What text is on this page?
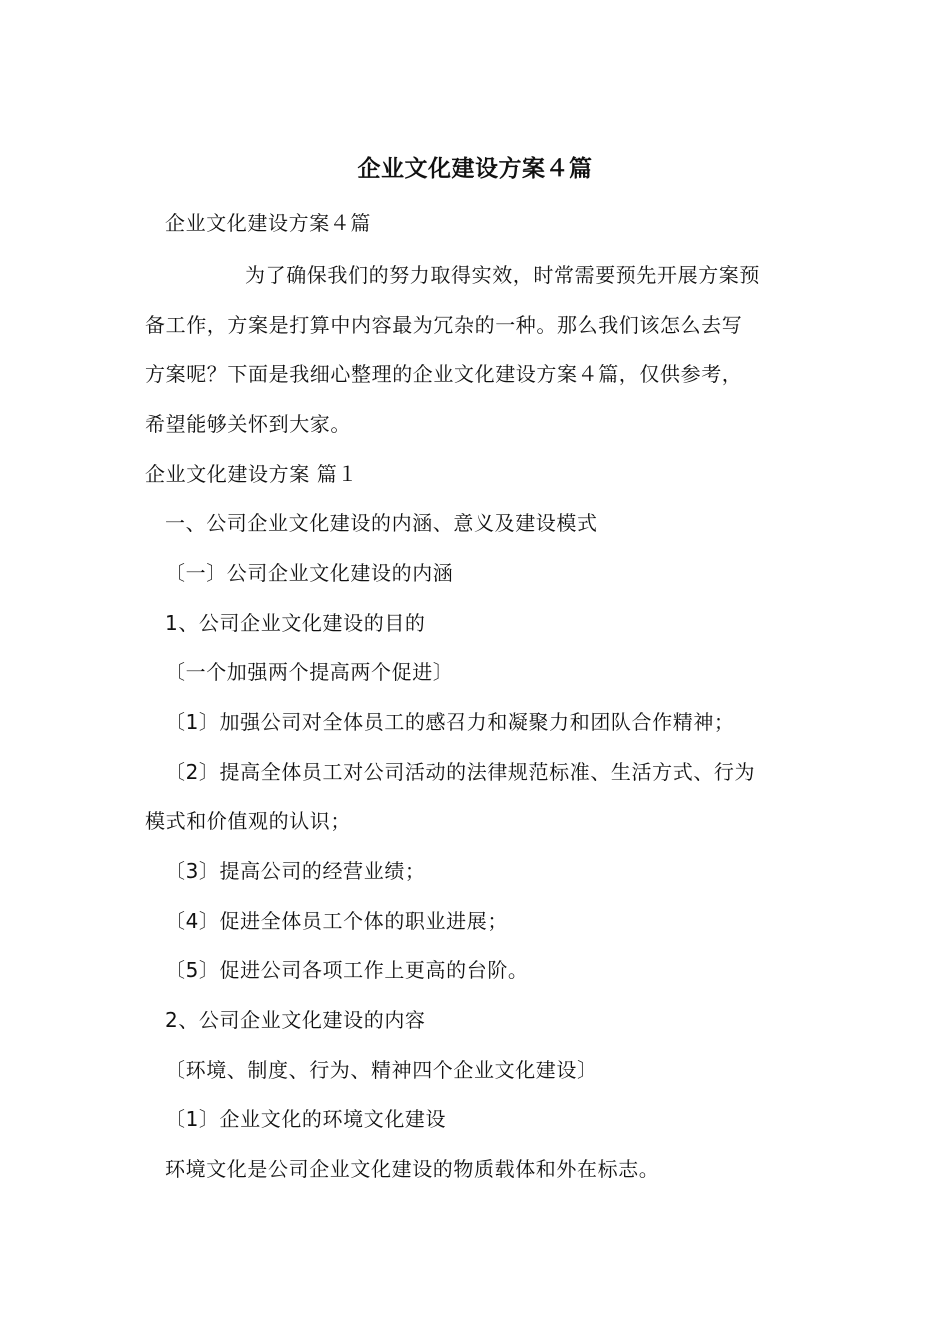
企业文化建设方案４篇
企业文化建设方案４篇
为了确保我们的努力取得实效，时常需要预先开展方案预
备工作，方案是打算中内容最为冗杂的一种。那么我们该怎么去写
方案呢？下面是我细心整理的企业文化建设方案４篇，仅供参考，
希望能够关怀到大家。
企业文化建设方案 篇１
一、公司企业文化建设的内涵、意义及建设模式
〔一〕公司企业文化建设的内涵
1、公司企业文化建设的目的
〔一个加强两个提高两个促进〕
〔1〕加强公司对全体员工的感召力和凝聚力和团队合作精神；
〔2〕提高全体员工对公司活动的法律规范标准、生活方式、行为
模式和价值观的认识；
〔3〕提高公司的经营业绩；
〔4〕促进全体员工个体的职业进展；
〔5〕促进公司各项工作上更高的台阶。
2、公司企业文化建设的内容
〔环境、制度、行为、精神四个企业文化建设〕
〔1〕企业文化的环境文化建设
环境文化是公司企业文化建设的物质载体和外在标志。
